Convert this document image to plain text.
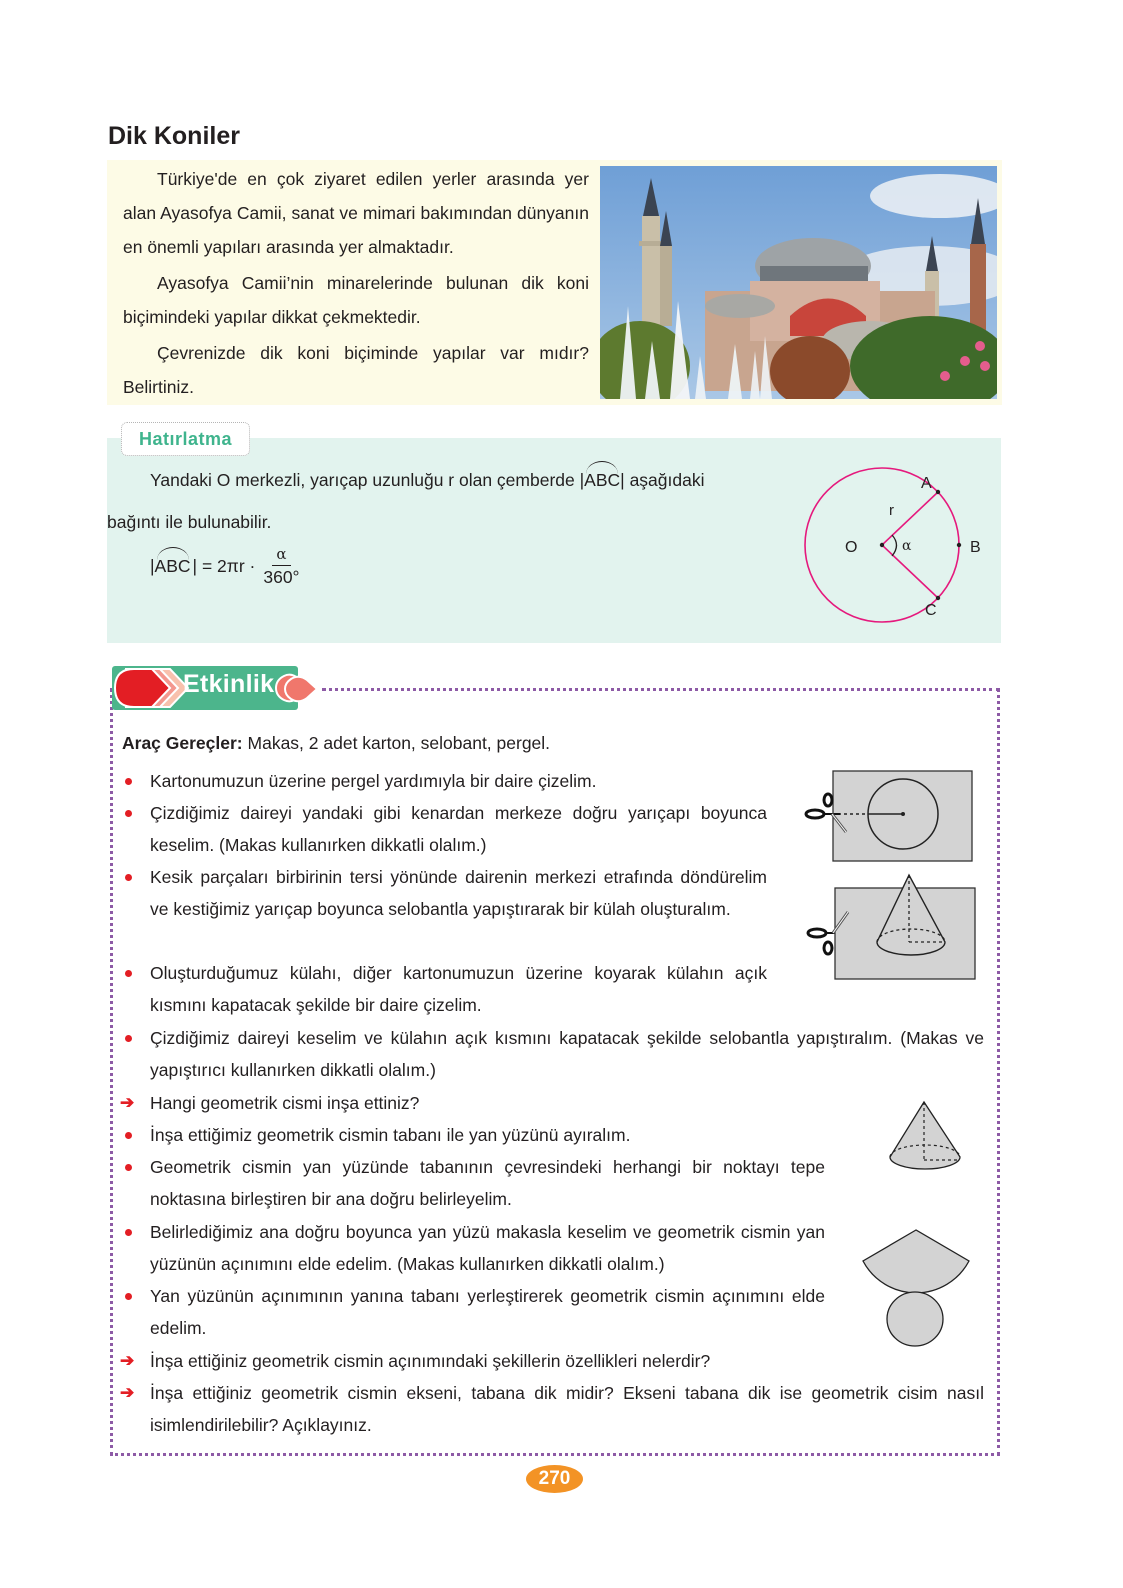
Dik Koniler

Türkiye'de en çok ziyaret edilen yerler arasında yer alan Ayasofya Camii, sanat ve mimari bakımından dünyanın en önemli yapıları arasında yer almaktadır.

Ayasofya Camii’nin minarelerinde bulunan dik koni biçimindeki yapılar dikkat çekmektedir.

Çevrenizde dik koni biçiminde yapılar var mıdır? Belirtiniz.

Hatırlatma
Yandaki O merkezli, yarıçap uzunluğu r olan çemberde |ABC| aşağıdaki
bağıntı ile bulunabilir.
| ABC | = $2\pi r \cdot \frac{\alpha}{360^\circ}$	O
A
B
C
r
α
Etkinlik
Araç Gereçler: Makas, 2 adet karton, selobant, pergel.
Kartonumuzun üzerine pergel yardımıyla bir daire çizelim.
Çizdiğimiz daireyi yandaki gibi kenardan merkeze doğru yarıçapı boyunca keselim. (Makas kullanırken dikkatli olalım.)
Kesik parçaları birbirinin tersi yönünde dairenin merkezi etrafında döndürelim ve kestiğimiz yarıçap boyunca selobantla yapıştırarak bir külah oluşturalım.
Oluşturduğumuz külahı, diğer kartonumuzun üzerine koyarak külahın açık kısmını kapatacak şekilde bir daire çizelim.
Çizdiğimiz daireyi keselim ve külahın açık kısmını kapatacak şekilde selobantla yapıştıralım. (Makas ve yapıştırıcı kullanırken dikkatli olalım.)
➔ Hangi geometrik cismi inşa ettiniz?
İnşa ettiğimiz geometrik cismin tabanı ile yan yüzünü ayıralım.
Geometrik cismin yan yüzünde tabanının çevresindeki herhangi bir noktayı tepe noktasına birleştiren bir ana doğru belirleyelim.
Belirlediğimiz ana doğru boyunca yan yüzü makasla keselim ve geometrik cismin yan yüzünün açınımını elde edelim. (Makas kullanırken dikkatli olalım.)
Yan yüzünün açınımının yanına tabanı yerleştirerek geometrik cismin açınımını elde edelim.
➔ İnşa ettiğiniz geometrik cismin açınımındaki şekillerin özellikleri nelerdir?
➔ İnşa ettiğiniz geometrik cismin ekseni, tabana dik midir? Ekseni tabana dik ise geometrik cisim nasıl isimlendirilebilir? Açıklayınız.
270
